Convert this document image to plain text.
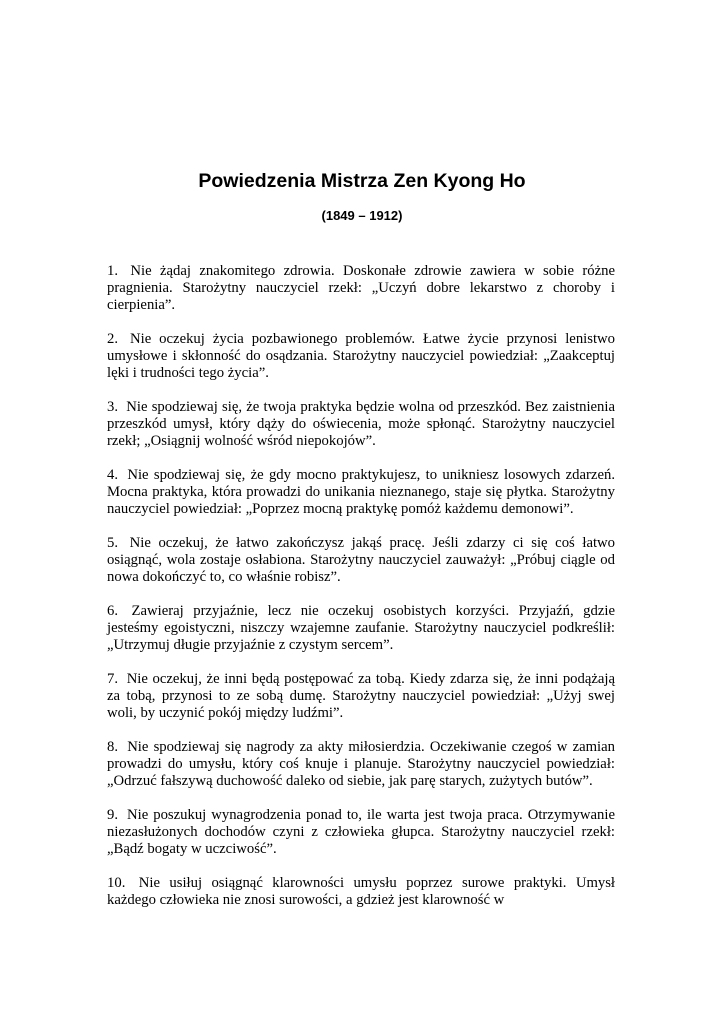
Powiedzenia Mistrza Zen Kyong Ho
(1849 – 1912)
1. Nie żądaj znakomitego zdrowia. Doskonałe zdrowie zawiera w sobie różne pragnienia. Starożytny nauczyciel rzekł: „Uczyń dobre lekarstwo z choroby i cierpienia”.
2. Nie oczekuj życia pozbawionego problemów. Łatwe życie przynosi lenistwo umysłowe i skłonność do osądzania. Starożytny nauczyciel powiedział: „Zaakceptuj lęki i trudności tego życia”.
3. Nie spodziewaj się, że twoja praktyka będzie wolna od przeszkód. Bez zaistnienia przeszkód umysł, który dąży do oświecenia, może spłonąć. Starożytny nauczyciel rzekł; „Osiągnij wolność wśród niepokojów”.
4. Nie spodziewaj się, że gdy mocno praktykujesz, to unikniesz losowych zdarzeń. Mocna praktyka, która prowadzi do unikania nieznanego, staje się płytka. Starożytny nauczyciel powiedział: „Poprzez mocną praktykę pomóż każdemu demonowi”.
5. Nie oczekuj, że łatwo zakończysz jakąś pracę. Jeśli zdarzy ci się coś łatwo osiągnąć, wola zostaje osłabiona. Starożytny nauczyciel zauważył: „Próbuj ciągle od nowa dokończyć to, co właśnie robisz”.
6. Zawieraj przyjaźnie, lecz nie oczekuj osobistych korzyści. Przyjaźń, gdzie jesteśmy egoistyczni, niszczy wzajemne zaufanie. Starożytny nauczyciel podkreślił: „Utrzymuj długie przyjaźnie z czystym sercem”.
7. Nie oczekuj, że inni będą postępować za tobą. Kiedy zdarza się, że inni podążają za tobą, przynosi to ze sobą dumę. Starożytny nauczyciel powiedział: „Użyj swej woli, by uczynić pokój między ludźmi”.
8. Nie spodziewaj się nagrody za akty miłosierdzia. Oczekiwanie czegoś w zamian prowadzi do umysłu, który coś knuje i planuje. Starożytny nauczyciel powiedział: „Odrzuć fałszywą duchowość daleko od siebie, jak parę starych, zużytych butów”.
9. Nie poszukuj wynagrodzenia ponad to, ile warta jest twoja praca. Otrzymywanie niezasłużonych dochodów czyni z człowieka głupca. Starożytny nauczyciel rzekł: „Bądź bogaty w uczciwość”.
10. Nie usiłuj osiągnąć klarowności umysłu poprzez surowe praktyki. Umysł każdego człowieka nie znosi surowości, a gdzież jest klarowność w
